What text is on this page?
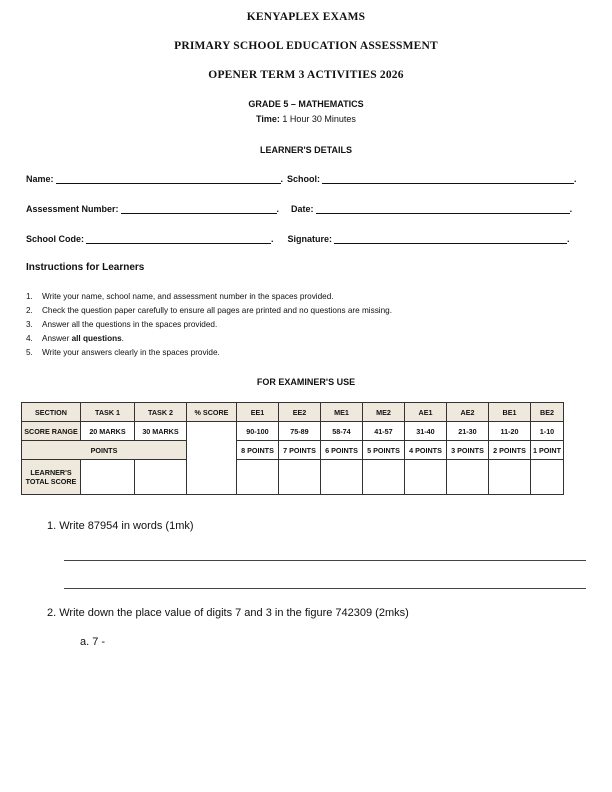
KENYAPLEX EXAMS
PRIMARY SCHOOL EDUCATION ASSESSMENT
OPENER TERM 3 ACTIVITIES 2026
GRADE 5 – MATHEMATICS
Time: 1 Hour 30 Minutes
LEARNER'S DETAILS
Name:	. School:	.
Assessment Number:	. Date:	.
School Code:	. Signature:	.
Instructions for Learners
1.	Write your name, school name, and assessment number in the spaces provided.
2.	Check the question paper carefully to ensure all pages are printed and no questions are missing.
3.	Answer all the questions in the spaces provided.
4.	Answer all questions.
5.	Write your answers clearly in the spaces provide.
FOR EXAMINER'S USE
SECTION	TASK 1	TASK 2	% SCORE	EE1	EE2	ME1	ME2	AE1	AE2	BE1	BE2
SCORE RANGE	20 MARKS	30 MARKS		90-100	75-89	58-74	41-57	31-40	21-30	11-20	1-10
POINTS				8 POINTS	7 POINTS	6 POINTS	5 POINTS	4 POINTS	3 POINTS	2 POINTS	1 POINT
LEARNER'S TOTAL SCORE											
1. Write 87954 in words (1mk)
2. Write down the place value of digits 7 and 3 in the figure 742309 (2mks)
a. 7 -
